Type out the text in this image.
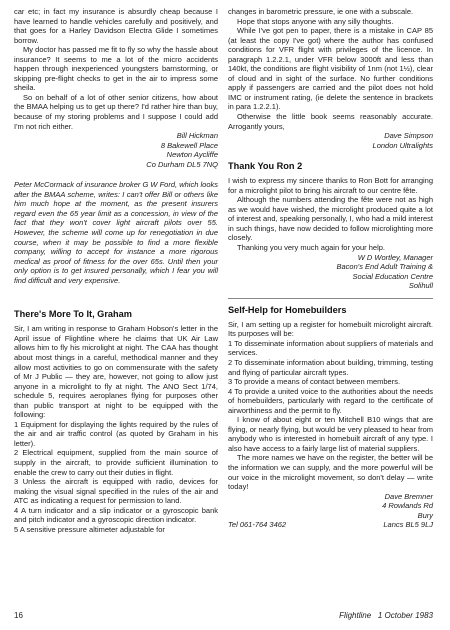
car etc; in fact my insurance is absurdly cheap because I have learned to handle vehicles carefully and positively, and that goes for a Harley Davidson Electra Glide I sometimes borrow.

My doctor has passed me fit to fly so why the hassle about insurance? It seems to me a lot of the micro accidents happen through inexperienced youngsters barnstorming, or skipping pre-flight checks to get in the air to impress some sheila.

So on behalf of a lot of other senior citizens, how about the BMAA helping us to get up there? I'd rather hire than buy, because of my storing problems and I suppose I could add I'm not rich either.

Bill Hickman
8 Bakewell Place
Newton Aycliffe
Co Durham DL5 7NQ

Peter McCormack of insurance broker G W Ford, which looks after the BMAA scheme, writes: I can't offer Bill or others like him much hope at the moment, as the present insurers regard even the 65 year limit as a concession, in view of the fact that they won't cover light aircraft pilots over 55. However, the scheme will come up for renegotiation in due course, when it may be possible to find a more flexible company, willing to accept for instance a more rigorous medical as proof of fitness for the over 65s. Until then your only option is to get insured personally, which I fear you will find difficult and very expensive.

There's More To It, Graham

Sir, I am writing in response to Graham Hobson's letter in the April issue of Flightline where he claims that UK Air Law allows him to fly his microlight at night. The CAA has thought about most things in a careful, methodical manner and they allow most activities to go on commensurate with the safety of Mr J Public — they are, however, not going to allow just anyone in a microlight to fly at night. The ANO Sect 1/74, schedule 5, requires aeroplanes flying for purposes other than public transport at night to be equipped with the following:

1 Equipment for displaying the lights required by the rules of the air and air traffic control (as quoted by Graham in his letter).

2 Electrical equipment, supplied from the main source of supply in the aircraft, to provide sufficient illumination to enable the crew to carry out their duties in flight.

3 Unless the aircraft is equipped with radio, devices for making the visual signal specified in the rules of the air and ATC as indicating a request for permission to land.

4 A turn indicator and a slip indicator or a gyroscopic bank and pitch indicator and a gyroscopic direction indicator.

5 A sensitive pressure altimeter adjustable for

changes in barometric pressure, ie one with a subscale.

Hope that stops anyone with any silly thoughts.

While I've got pen to paper, there is a mistake in CAP 85 (at least the copy I've got) where the author has confused conditions for VFR flight with privileges of the licence. In paragraph 1.2.2.1, under VFR below 3000ft and less than 140kt, the conditions are flight visibility of 1nm (not 1½), clear of cloud and in sight of the surface. No further conditions apply if passengers are carried and the pilot does not hold IMC or instrument rating, (ie delete the sentence in brackets in para 1.2.2.1).

Otherwise the little book seems reasonably accurate. Arrogantly yours,

Dave Simpson
London Ultralights
Thank You Ron 2

I wish to express my sincere thanks to Ron Bott for arranging for a microlight pilot to bring his aircraft to our centre fête.

Although the numbers attending the fête were not as high as we would have wished, the microlight produced quite a lot of interest and, speaking personally, I, who had a mild interest in such things, have now decided to follow microlighting more closely.

Thanking you very much again for your help.

W D Wortley, Manager
Bacon's End Adult Training &
Social Education Centre
Solihull
Self-Help for Homebuilders

Sir, I am setting up a register for homebuilt microlight aircraft. Its purposes will be:

1 To disseminate information about suppliers of materials and services.

2 To disseminate information about building, trimming, testing and flying of particular aircraft types.

3 To provide a means of contact between members.

4 To provide a united voice to the authorities about the needs of homebuilders, particularly with regard to the certificate of airworthiness and the permit to fly.

I know of about eight or ten Mitchell B10 wings that are flying, or nearly flying, but would be very pleased to hear from anybody who is interested in homebuilt aircraft of any type. I also have access to a fairly large list of material suppliers.

The more names we have on the register, the better will be the information we can supply, and the more powerful will be our voice in the microlight movement, so don't delay — write today!

Dave Bremner
4 Rowlands Rd
Bury
Tel 061-764 3462	Lancs BL5 9LJ
16	Flightline 1 October 1983
